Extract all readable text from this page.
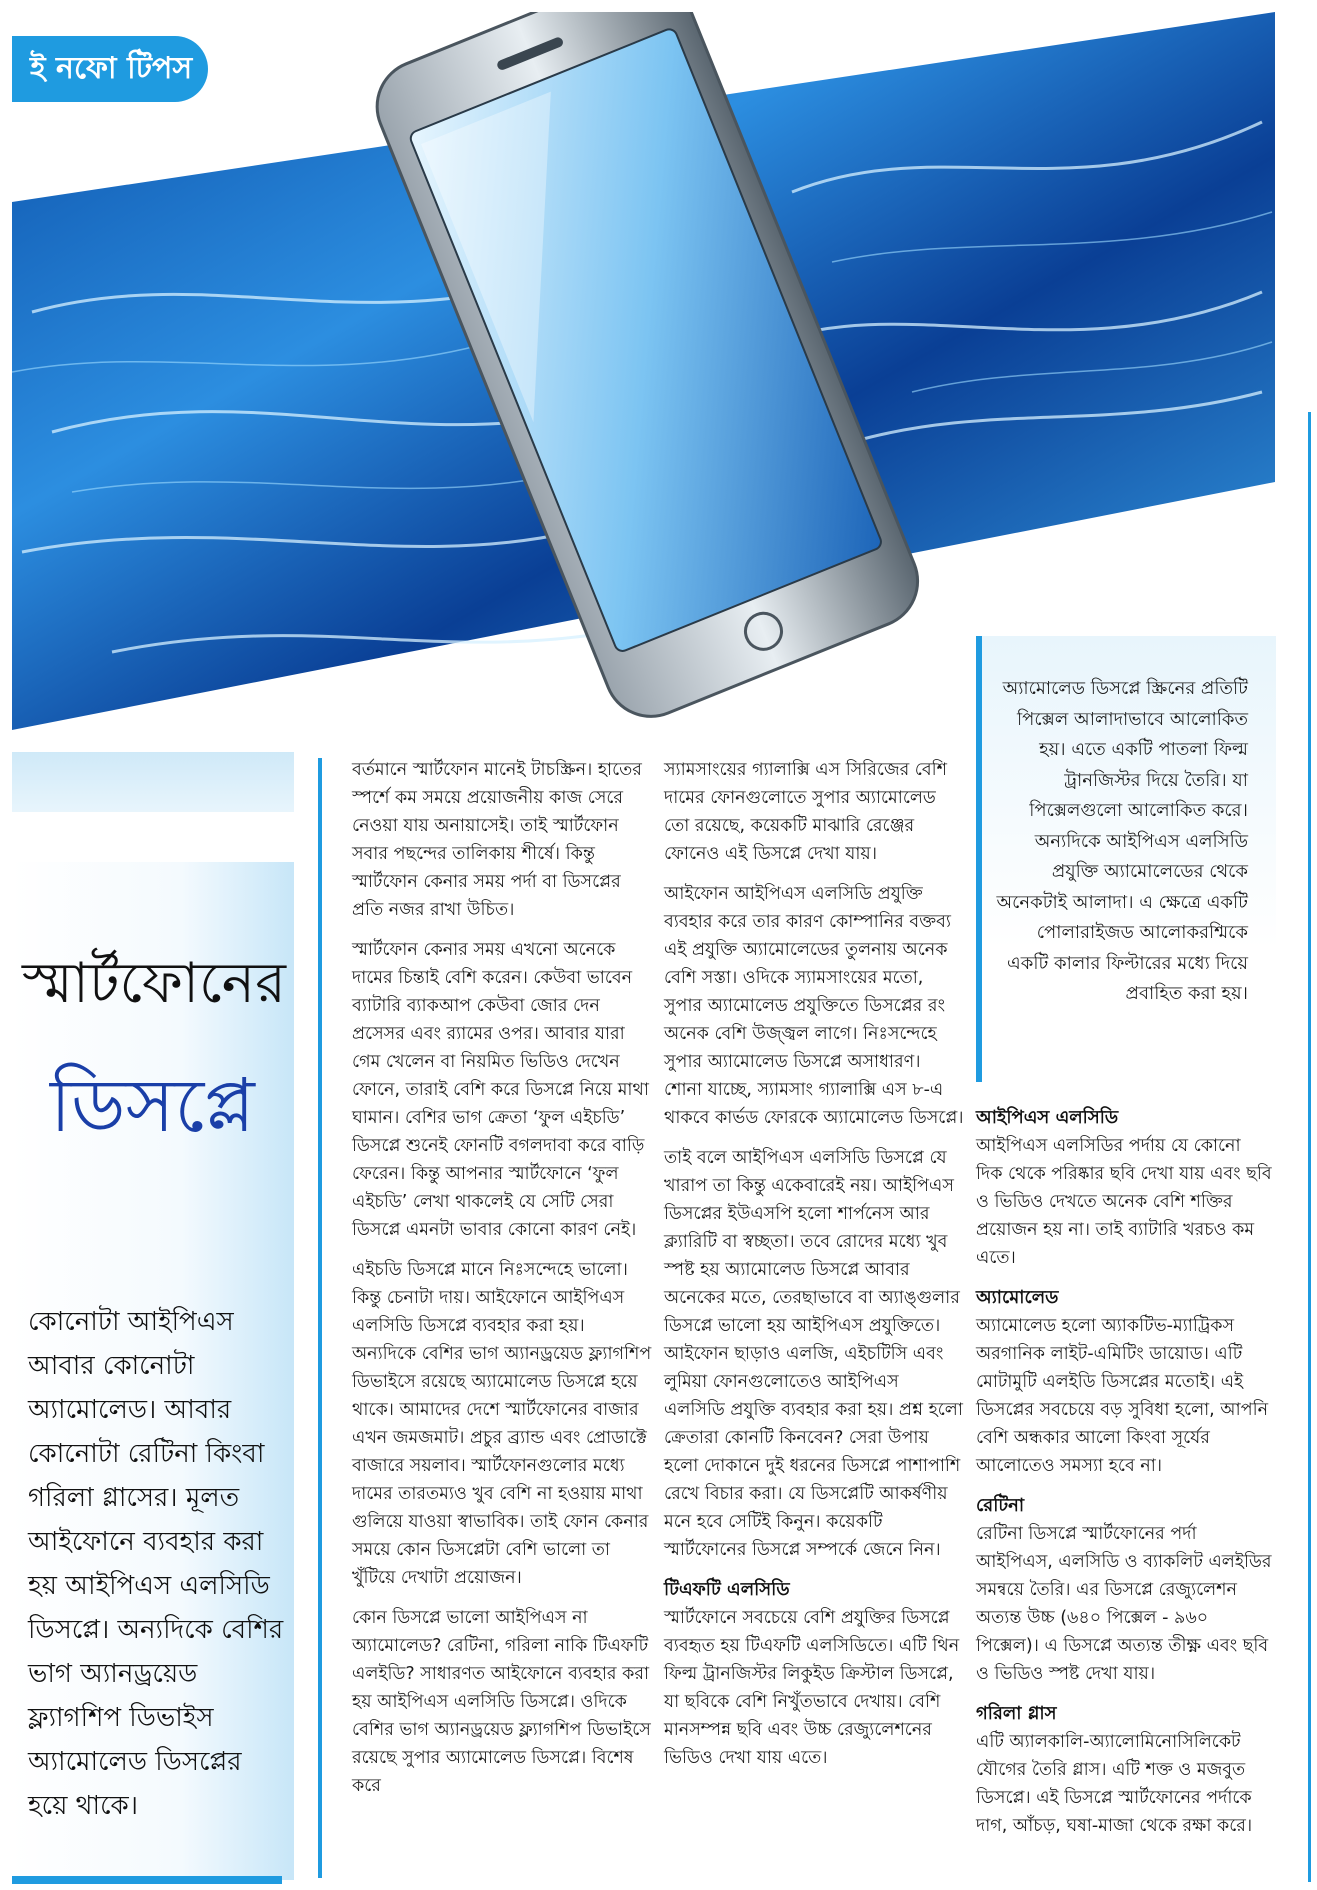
ই নফো টিপস
স্মার্টফোনের
ডিসপ্লে
কোনোটা আইপিএস আবার কোনোটা অ্যামোলেড। আবার কোনোটা রেটিনা কিংবা গরিলা গ্লাসের। মূলত আইফোনে ব্যবহার করা হয় আইপিএস এলসিডি ডিসপ্লে। অন্যদিকে বেশির ভাগ অ্যানড্রয়েড ফ্ল্যাগশিপ ডিভাইস অ্যামোলেড ডিসপ্লের হয়ে থাকে।

বর্তমানে স্মার্টফোন মানেই টাচস্ক্রিন। হাতের স্পর্শে কম সময়ে প্রয়োজনীয় কাজ সেরে নেওয়া যায় অনায়াসেই। তাই স্মার্টফোন সবার পছন্দের তালিকায় শীর্ষে। কিন্তু স্মার্টফোন কেনার সময় পর্দা বা ডিসপ্লের প্রতি নজর রাখা উচিত।

স্মার্টফোন কেনার সময় এখনো অনেকে দামের চিন্তাই বেশি করেন। কেউবা ভাবেন ব্যাটারি ব্যাকআপ কেউবা জোর দেন প্রসেসর এবং র‍্যামের ওপর। আবার যারা গেম খেলেন বা নিয়মিত ভিডিও দেখেন ফোনে, তারাই বেশি করে ডিসপ্লে নিয়ে মাথা ঘামান। বেশির ভাগ ক্রেতা ‘ফুল এইচডি’ ডিসপ্লে শুনেই ফোনটি বগলদাবা করে বাড়ি ফেরেন। কিন্তু আপনার স্মার্টফোনে ‘ফুল এইচডি’ লেখা থাকলেই যে সেটি সেরা ডিসপ্লে এমনটা ভাবার কোনো কারণ নেই।

এইচডি ডিসপ্লে মানে নিঃসন্দেহে ভালো। কিন্তু চেনাটা দায়। আইফোনে আইপিএস এলসিডি ডিসপ্লে ব্যবহার করা হয়। অন্যদিকে বেশির ভাগ অ্যানড্রয়েড ফ্ল্যাগশিপ ডিভাইসে রয়েছে অ্যামোলেড ডিসপ্লে হয়ে থাকে। আমাদের দেশে স্মার্টফোনের বাজার এখন জমজমাট। প্রচুর ব্র্যান্ড এবং প্রোডাক্টে বাজারে সয়লাব। স্মার্টফোনগুলোর মধ্যে দামের তারতম্যও খুব বেশি না হওয়ায় মাথা গুলিয়ে যাওয়া স্বাভাবিক। তাই ফোন কেনার সময়ে কোন ডিসপ্লেটা বেশি ভালো তা খুঁটিয়ে দেখাটা প্রয়োজন।

কোন ডিসপ্লে ভালো আইপিএস না অ্যামোলেড? রেটিনা, গরিলা নাকি টিএফটি এলইডি? সাধারণত আইফোনে ব্যবহার করা হয় আইপিএস এলসিডি ডিসপ্লে। ওদিকে বেশির ভাগ অ্যানড্রয়েড ফ্ল্যাগশিপ ডিভাইসে রয়েছে সুপার অ্যামোলেড ডিসপ্লে। বিশেষ করে

স্যামসাংয়ের গ্যালাক্সি এস সিরিজের বেশি দামের ফোনগুলোতে সুপার অ্যামোলেড তো রয়েছে, কয়েকটি মাঝারি রেঞ্জের ফোনেও এই ডিসপ্লে দেখা যায়।

আইফোন আইপিএস এলসিডি প্রযুক্তি ব্যবহার করে তার কারণ কোম্পানির বক্তব্য এই প্রযুক্তি অ্যামোলেডের তুলনায় অনেক বেশি সস্তা। ওদিকে স্যামসাংয়ের মতো, সুপার অ্যামোলেড প্রযুক্তিতে ডিসপ্লের রং অনেক বেশি উজ্জ্বল লাগে। নিঃসন্দেহে সুপার অ্যামোলেড ডিসপ্লে অসাধারণ। শোনা যাচ্ছে, স্যামসাং গ্যালাক্সি এস ৮-এ থাকবে কার্ভড ফোরকে অ্যামোলেড ডিসপ্লে।

তাই বলে আইপিএস এলসিডি ডিসপ্লে যে খারাপ তা কিন্তু একেবারেই নয়। আইপিএস ডিসপ্লের ইউএসপি হলো শার্পনেস আর ক্ল্যারিটি বা স্বচ্ছতা। তবে রোদের মধ্যে খুব স্পষ্ট হয় অ্যামোলেড ডিসপ্লে আবার অনেকের মতে, তেরছাভাবে বা অ্যাঙ্গুলার ডিসপ্লে ভালো হয় আইপিএস প্রযুক্তিতে। আইফোন ছাড়াও এলজি, এইচটিসি এবং লুমিয়া ফোনগুলোতেও আইপিএস এলসিডি প্রযুক্তি ব্যবহার করা হয়। প্রশ্ন হলো ক্রেতারা কোনটি কিনবেন? সেরা উপায় হলো দোকানে দুই ধরনের ডিসপ্লে পাশাপাশি রেখে বিচার করা। যে ডিসপ্লেটি আকর্ষণীয় মনে হবে সেটিই কিনুন। কয়েকটি স্মার্টফোনের ডিসপ্লে সম্পর্কে জেনে নিন।

টিএফটি এলসিডি

স্মার্টফোনে সবচেয়ে বেশি প্রযুক্তির ডিসপ্লে ব্যবহৃত হয় টিএফটি এলসিডিতে। এটি থিন ফিল্ম ট্রানজিস্টর লিকুইড ক্রিস্টাল ডিসপ্লে, যা ছবিকে বেশি নিখুঁতভাবে দেখায়। বেশি মানসম্পন্ন ছবি এবং উচ্চ রেজ্যুলেশনের ভিডিও দেখা যায় এতে।

অ্যামোলেড ডিসপ্লে স্ক্রিনের প্রতিটি পিক্সেল আলাদাভাবে আলোকিত হয়। এতে একটি পাতলা ফিল্ম ট্রানজিস্টর দিয়ে তৈরি। যা পিক্সেলগুলো আলোকিত করে। অন্যদিকে আইপিএস এলসিডি প্রযুক্তি অ্যামোলেডের থেকে অনেকটাই আলাদা। এ ক্ষেত্রে একটি পোলারাইজড আলোকরশ্মিকে একটি কালার ফিল্টারের মধ্যে দিয়ে প্রবাহিত করা হয়।
আইপিএস এলসিডি

আইপিএস এলসিডির পর্দায় যে কোনো দিক থেকে পরিষ্কার ছবি দেখা যায় এবং ছবি ও ভিডিও দেখতে অনেক বেশি শক্তির প্রয়োজন হয় না। তাই ব্যাটারি খরচও কম এতে।

অ্যামোলেড

অ্যামোলেড হলো অ্যাকটিভ-ম্যাট্রিকস অরগানিক লাইট-এমিটিং ডায়োড। এটি মোটামুটি এলইডি ডিসপ্লের মতোই। এই ডিসপ্লের সবচেয়ে বড় সুবিধা হলো, আপনি বেশি অন্ধকার আলো কিংবা সূর্যের আলোতেও সমস্যা হবে না।

রেটিনা

রেটিনা ডিসপ্লে স্মার্টফোনের পর্দা আইপিএস, এলসিডি ও ব্যাকলিট এলইডির সমন্বয়ে তৈরি। এর ডিসপ্লে রেজ্যুলেশন অত্যন্ত উচ্চ (৬৪০ পিক্সেল - ৯৬০ পিক্সেল)। এ ডিসপ্লে অত্যন্ত তীক্ষ্ণ এবং ছবি ও ভিডিও স্পষ্ট দেখা যায়।

গরিলা গ্লাস

এটি অ্যালকালি-অ্যালোমিনোসিলিকেট যৌগের তৈরি গ্লাস। এটি শক্ত ও মজবুত ডিসপ্লে। এই ডিসপ্লে স্মার্টফোনের পর্দাকে দাগ, আঁচড়, ঘষা-মাজা থেকে রক্ষা করে।
